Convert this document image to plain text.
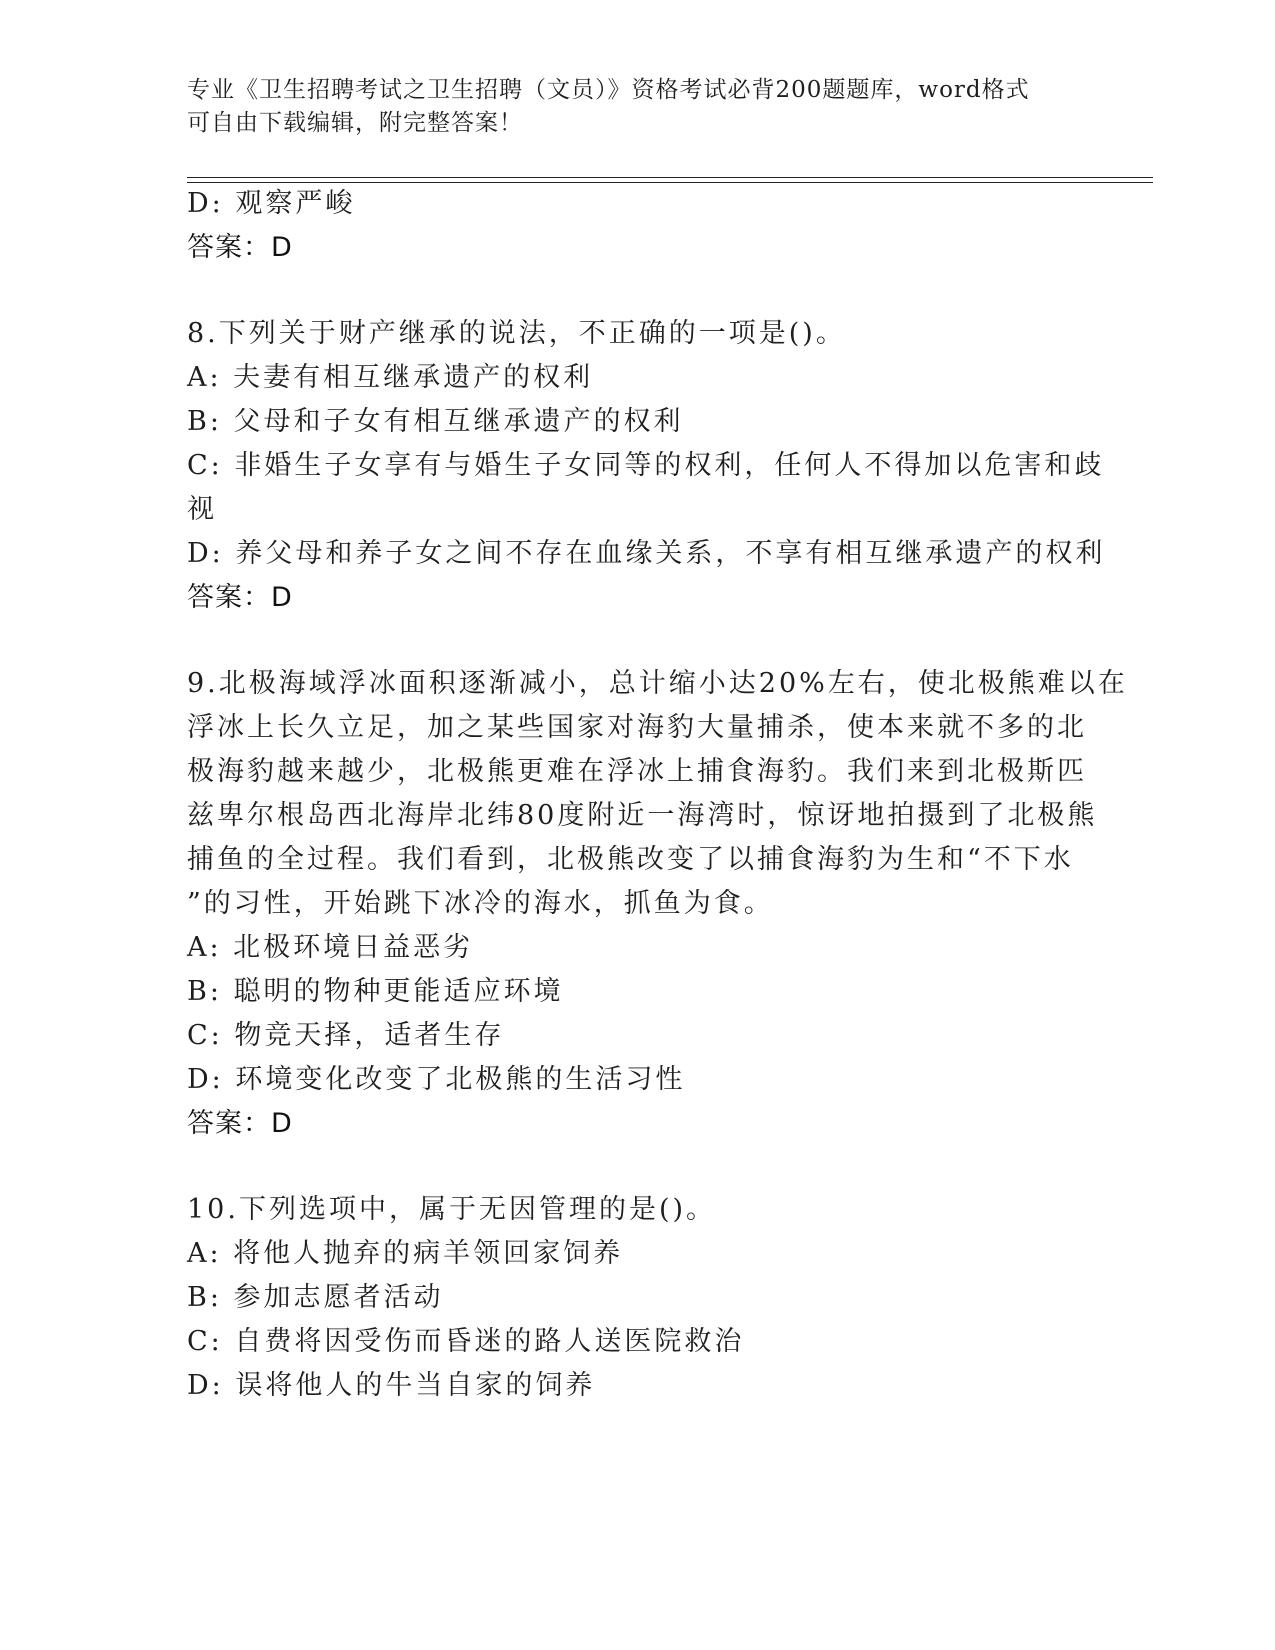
专业《卫生招聘考试之卫生招聘（文员）》资格考试必背200题题库，word格式
可自由下载编辑，附完整答案！
D: 观察严峻
答案：D
8.下列关于财产继承的说法，不正确的一项是()。
A: 夫妻有相互继承遗产的权利
B: 父母和子女有相互继承遗产的权利
C: 非婚生子女享有与婚生子女同等的权利，任何人不得加以危害和歧
视
D: 养父母和养子女之间不存在血缘关系，不享有相互继承遗产的权利
答案：D
9.北极海域浮冰面积逐渐减小，总计缩小达20%左右，使北极熊难以在
浮冰上长久立足，加之某些国家对海豹大量捕杀，使本来就不多的北
极海豹越来越少，北极熊更难在浮冰上捕食海豹。我们来到北极斯匹
兹卑尔根岛西北海岸北纬80度附近一海湾时，惊讶地拍摄到了北极熊
捕鱼的全过程。我们看到，北极熊改变了以捕食海豹为生和“不下水
”的习性，开始跳下冰冷的海水，抓鱼为食。
A: 北极环境日益恶劣
B: 聪明的物种更能适应环境
C: 物竞天择，适者生存
D: 环境变化改变了北极熊的生活习性
答案：D
10.下列选项中，属于无因管理的是()。
A: 将他人抛弃的病羊领回家饲养
B: 参加志愿者活动
C: 自费将因受伤而昏迷的路人送医院救治
D: 误将他人的牛当自家的饲养
